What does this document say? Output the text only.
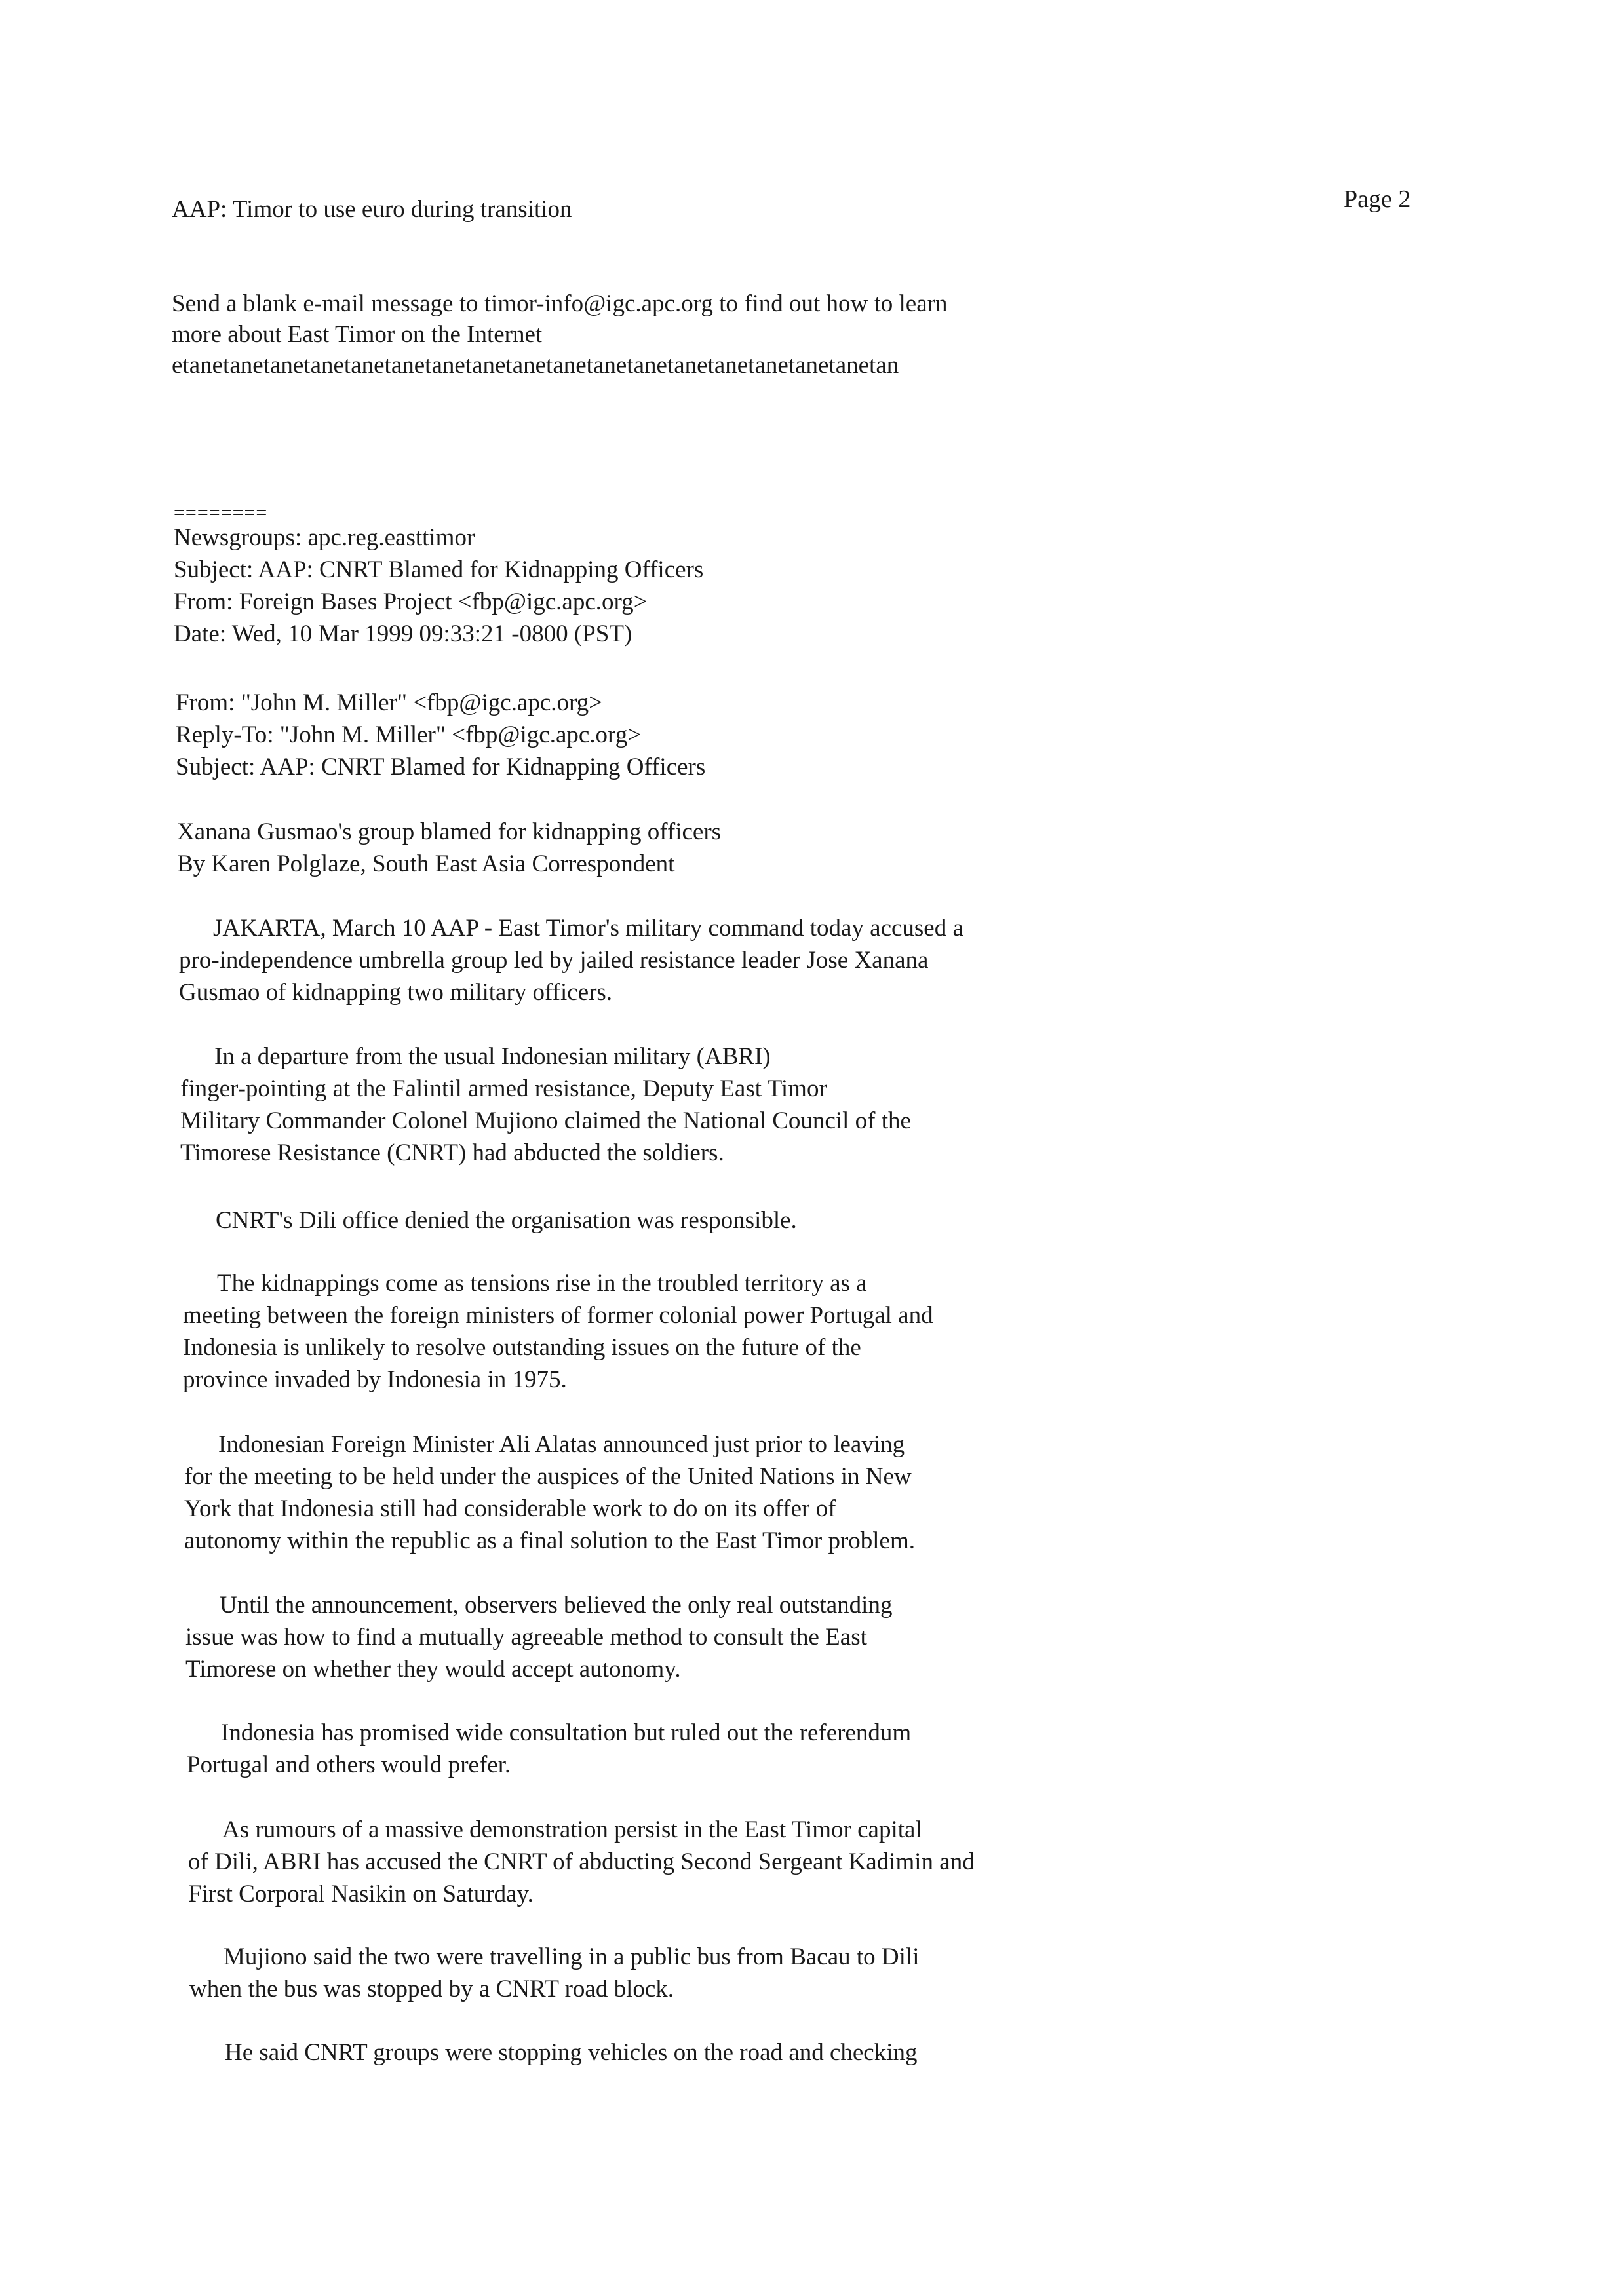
AAP: Timor to use euro during transition	Page 2
Send a blank e-mail message to timor-info@igc.apc.org to find out how to learn
more about East Timor on the Internet
etanetanetanetanetanetanetanetanetanetanetanetanetanetanetanetanetanetan
========
Newsgroups: apc.reg.easttimor
Subject: AAP: CNRT Blamed for Kidnapping Officers
From: Foreign Bases Project <fbp@igc.apc.org>
Date: Wed, 10 Mar 1999 09:33:21 -0800 (PST)
From: "John M. Miller" <fbp@igc.apc.org>
Reply-To: "John M. Miller" <fbp@igc.apc.org>
Subject: AAP: CNRT Blamed for Kidnapping Officers
Xanana Gusmao's group blamed for kidnapping officers
By Karen Polglaze, South East Asia Correspondent
JAKARTA, March 10 AAP - East Timor's military command today accused a
pro-independence umbrella group led by jailed resistance leader Jose Xanana
Gusmao of kidnapping two military officers.
In a departure from the usual Indonesian military (ABRI)
finger-pointing at the Falintil armed resistance, Deputy East Timor
Military Commander Colonel Mujiono claimed the National Council of the
Timorese Resistance (CNRT) had abducted the soldiers.
CNRT's Dili office denied the organisation was responsible.
The kidnappings come as tensions rise in the troubled territory as a
meeting between the foreign ministers of former colonial power Portugal and
Indonesia is unlikely to resolve outstanding issues on the future of the
province invaded by Indonesia in 1975.
Indonesian Foreign Minister Ali Alatas announced just prior to leaving
for the meeting to be held under the auspices of the United Nations in New
York that Indonesia still had considerable work to do on its offer of
autonomy within the republic as a final solution to the East Timor problem.
Until the announcement, observers believed the only real outstanding
issue was how to find a mutually agreeable method to consult the East
Timorese on whether they would accept autonomy.
Indonesia has promised wide consultation but ruled out the referendum
Portugal and others would prefer.
As rumours of a massive demonstration persist in the East Timor capital
of Dili, ABRI has accused the CNRT of abducting Second Sergeant Kadimin and
First Corporal Nasikin on Saturday.
Mujiono said the two were travelling in a public bus from Bacau to Dili
when the bus was stopped by a CNRT road block.
He said CNRT groups were stopping vehicles on the road and checking
